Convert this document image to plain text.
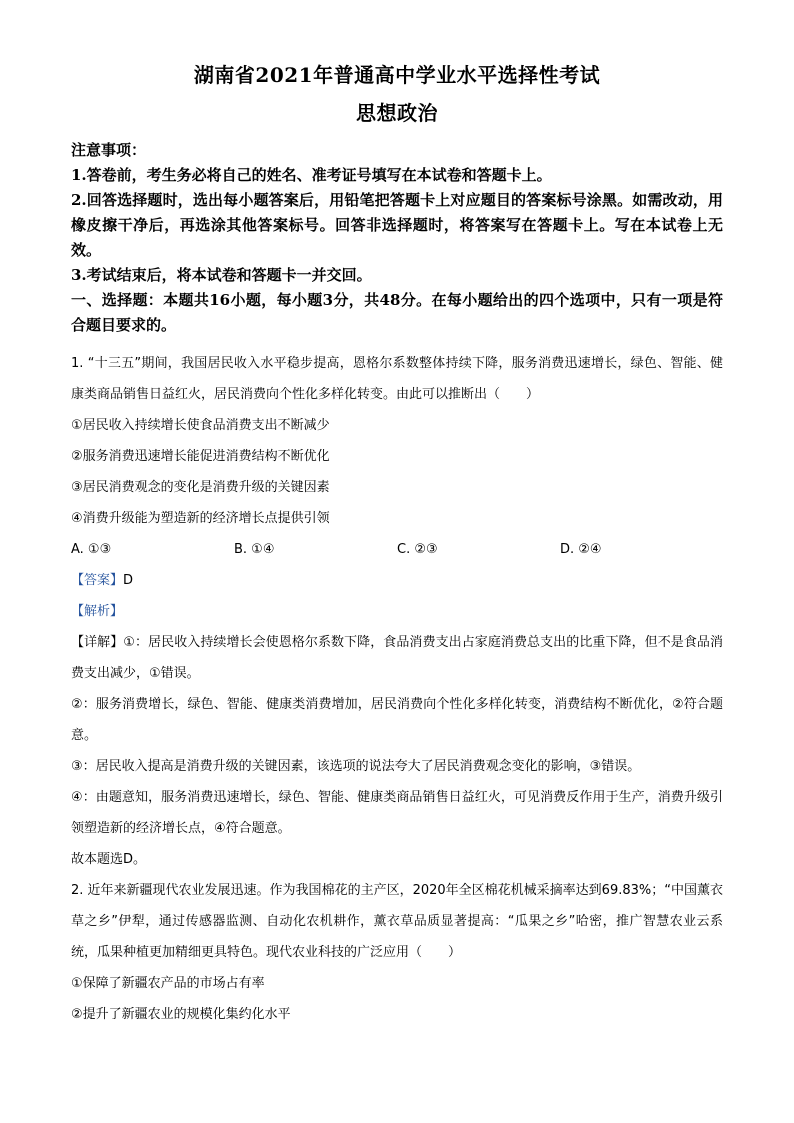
湖南省2021年普通高中学业水平选择性考试
思想政治

注意事项：

1.答卷前，考生务必将自己的姓名、准考证号填写在本试卷和答题卡上。

2.回答选择题时，选出每小题答案后，用铅笔把答题卡上对应题目的答案标号涂黑。如需改动，用橡皮擦干净后，再选涂其他答案标号。回答非选择题时，将答案写在答题卡上。写在本试卷上无效。

3.考试结束后，将本试卷和答题卡一并交回。

一、选择题：本题共16小题，每小题3分，共48分。在每小题给出的四个选项中，只有一项是符合题目要求的。

1. “十三五”期间，我国居民收入水平稳步提高，恩格尔系数整体持续下降，服务消费迅速增长，绿色、智能、健康类商品销售日益红火，居民消费向个性化多样化转变。由此可以推断出（　　）

①居民收入持续增长使食品消费支出不断减少

②服务消费迅速增长能促进消费结构不断优化

③居民消费观念的变化是消费升级的关键因素

④消费升级能为塑造新的经济增长点提供引领

A. ①③	B. ①④	C. ②③	D. ②④

【答案】D

【解析】

【详解】①：居民收入持续增长会使恩格尔系数下降，食品消费支出占家庭消费总支出的比重下降，但不是食品消费支出减少，①错误。

②：服务消费增长，绿色、智能、健康类消费增加，居民消费向个性化多样化转变，消费结构不断优化，②符合题意。

③：居民收入提高是消费升级的关键因素，该选项的说法夸大了居民消费观念变化的影响，③错误。

④：由题意知，服务消费迅速增长，绿色、智能、健康类商品销售日益红火，可见消费反作用于生产，消费升级引领塑造新的经济增长点，④符合题意。

故本题选D。

2. 近年来新疆现代农业发展迅速。作为我国棉花的主产区，2020年全区棉花机械采摘率达到69.83%；“中国薰衣草之乡”伊犁，通过传感器监测、自动化农机耕作，薰衣草品质显著提高：“瓜果之乡”哈密，推广智慧农业云系统，瓜果种植更加精细更具特色。现代农业科技的广泛应用（　　）

①保障了新疆农产品的市场占有率

②提升了新疆农业的规模化集约化水平
